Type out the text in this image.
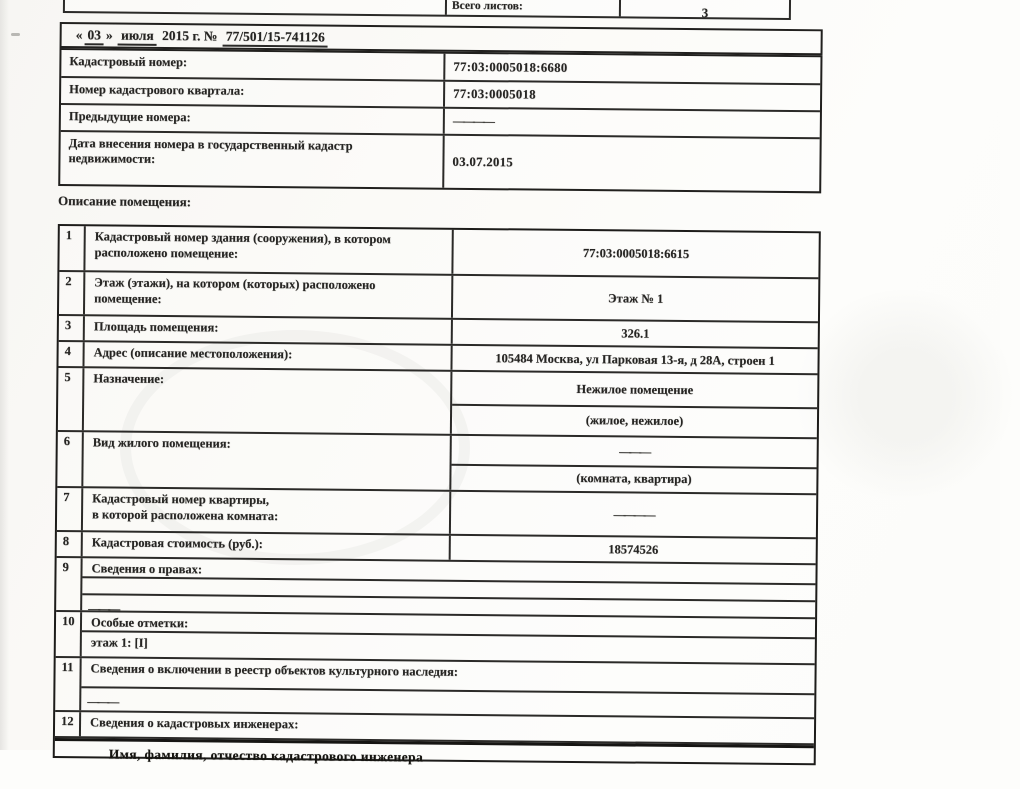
Всего листов:	3
« 03 » июля 2015 г. № 77/501/15-741126
Кадастровый номер:	77:03:0005018:6680
Номер кадастрового квартала:	77:03:0005018
Предыдущие номера:	————
Дата внесения номера в государственный кадастр недвижимости:	03.07.2015
Описание помещения:
1	Кадастровый номер здания (сооружения), в котором расположено помещение:	77:03:0005018:6615
2	Этаж (этажи), на котором (которых) расположено помещение:	Этаж № 1
3	Площадь помещения:	326.1
4	Адрес (описание местоположения):	105484 Москва, ул Парковая 13-я, д 28А, строен 1
5	Назначение:
Нежилое помещение
(жилое, нежилое)
6	Вид жилого помещения:
———
(комната, квартира)
7	Кадастровый номер квартиры,
в которой расположена комната:	————
8	Кадастровая стоимость (руб.):	18574526
9	Сведения о правах:
———
10	Особые отметки:
этаж 1: [I]
11	Сведения о включении в реестр объектов культурного наследия:
———
12	Сведения о кадастровых инженерах:
Имя, фамилия, отчество кадастрового инженера
